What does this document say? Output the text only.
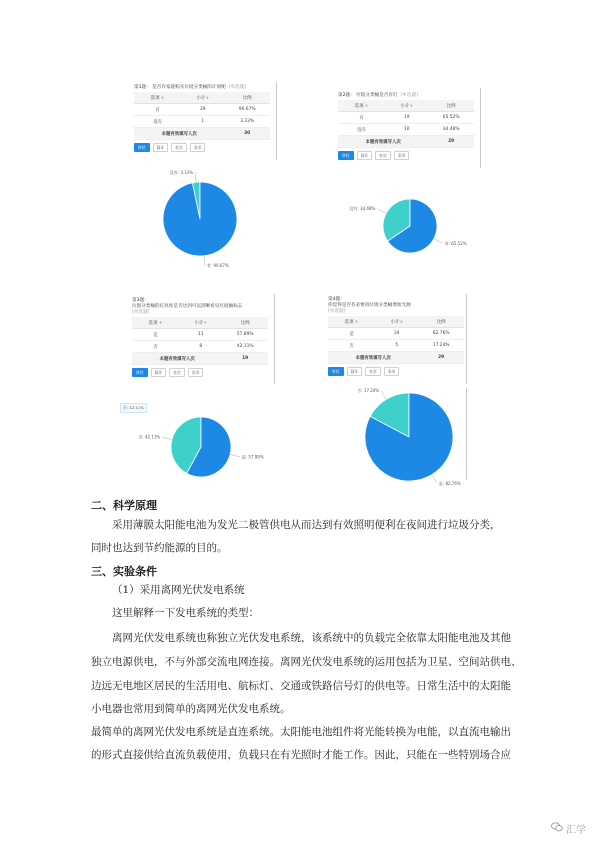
第1题： 是否有家庭购买垃圾分类桶的计划呢 [单选题]
选项 ÷	小计÷	比例
有	29	96.67%
没有	1	3.33%
本题有效填写人次		30
饼状	圆环	柱状	条形
第2题： 垃圾分类桶是否有灯 [单选题]
选项 ÷	小计÷	比例
有	19	65.52%
没有	10	34.48%
本题有效填写人次		29
饼状	圆环	柱状	条形
第3题：
垃圾分类桶的灯亮度是否达到可以清晰看见垃圾桶标志
[单选题]
选项 ÷	小计÷	比例
是	11	57.89%
否	8	42.11%
本题有效填写人次		19
饼状	圆环	柱状	条形
第4题：
你觉得是否有必要再垃圾分类桶增加光源
[单选题]
选项 ÷	小计÷	比例
是	24	82.76%
否	5	17.24%
本题有效填写人次		29
饼状	圆环	柱状	条形
没有: 3.33%
有: 96.67%
没有: 34.48%
有: 65.52%
否: 42.11%
是: 57.89%
否: 17.24%
是: 82.76%
否: 42.11%
二、科学原理
采用薄膜太阳能电池为发光二极管供电从而达到有效照明便利在夜间进行垃圾分类，
同时也达到节约能源的目的。
三、实验条件
（1）采用离网光伏发电系统
这里解释一下发电系统的类型：
离网光伏发电系统也称独立光伏发电系统，该系统中的负载完全依靠太阳能电池及其他
独立电源供电，不与外部交流电网连接。离网光伏发电系统的运用包括为卫星、空间站供电、
边远无电地区居民的生活用电、航标灯、交通或铁路信号灯的供电等。日常生活中的太阳能
小电器也常用到简单的离网光伏发电系统。
最简单的离网光伏发电系统是直连系统。太阳能电池组件将光能转换为电能，以直流电输出
的形式直接供给直流负载使用，负载只在有光照时才能工作。因此，只能在一些特别场合应
汇学
